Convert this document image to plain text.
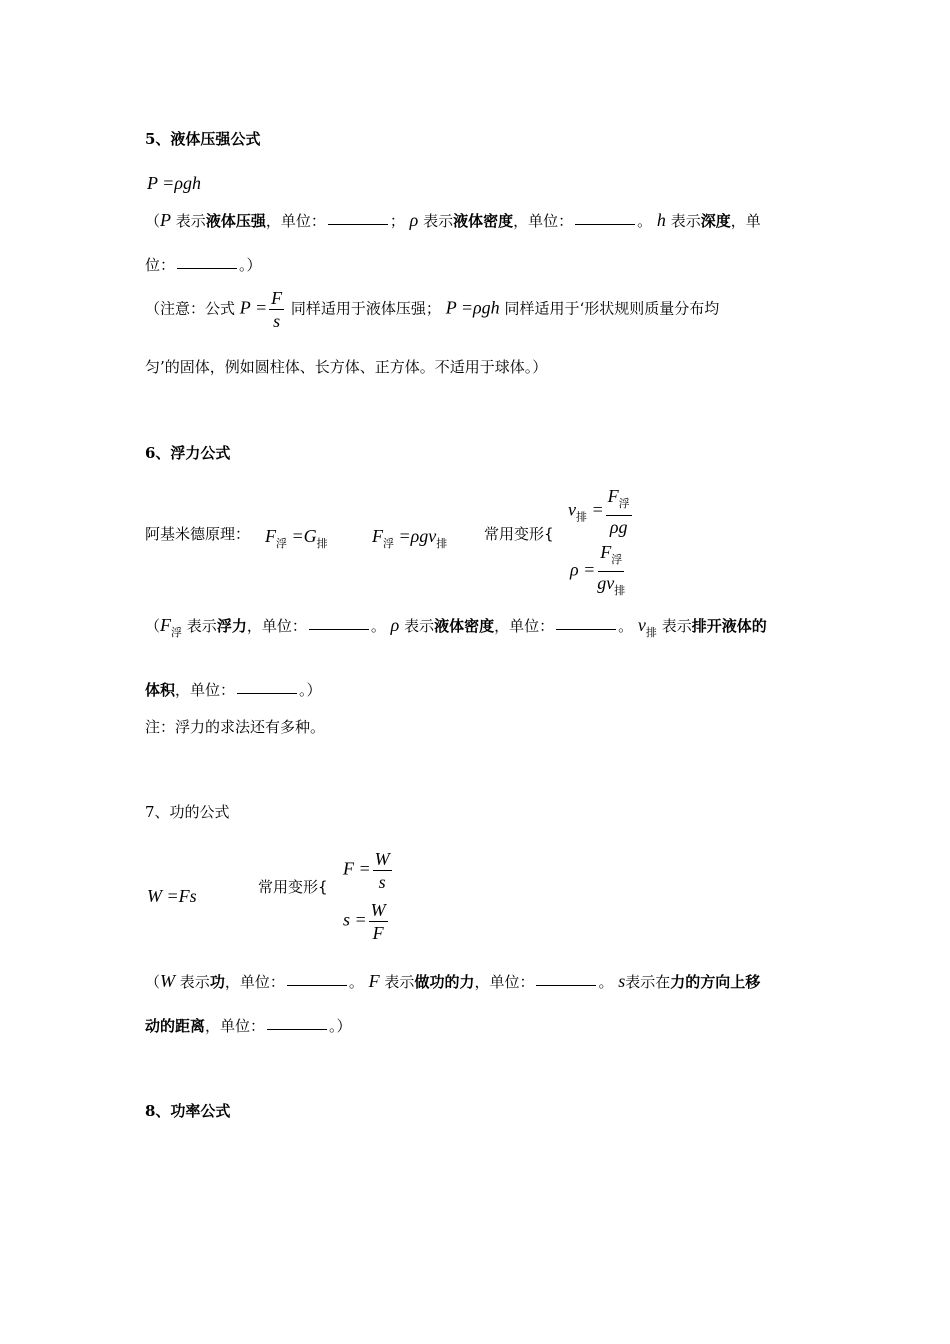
5、液体压强公式
P =ρgh
（P 表示液体压强，单位：	； ρ 表示液体密度，单位：	。 h 表示深度，单
位：	。）
（注意：公式 $P = \frac{F}{s}$ 同样适用于液体压强； P =ρgh 同样适用于‘形状规则质量分布均
匀’的固体，例如圆柱体、长方体、正方体。不适用于球体。）
6、浮力公式
阿基米德原理： $F_浮 =G_排$ $F_浮 =\rho gv_排$
常用变形{
$v_排 = \frac{F_浮}{\rho g}$
$\rho = \frac{F_浮}{gv_排}$
（$F_浮$ 表示浮力，单位：	。 ρ 表示液体密度，单位：	。 $v_排$ 表示排开液体的
体积，单位：	。）
注：浮力的求法还有多种。
7、功的公式
W =Fs	常用变形{
$F = \frac{W}{s}$
$s = \frac{W}{F}$
（W 表示功，单位：	。 F 表示做功的力，单位：	。 s表示在力的方向上移
动的距离，单位：	。）
8、功率公式
